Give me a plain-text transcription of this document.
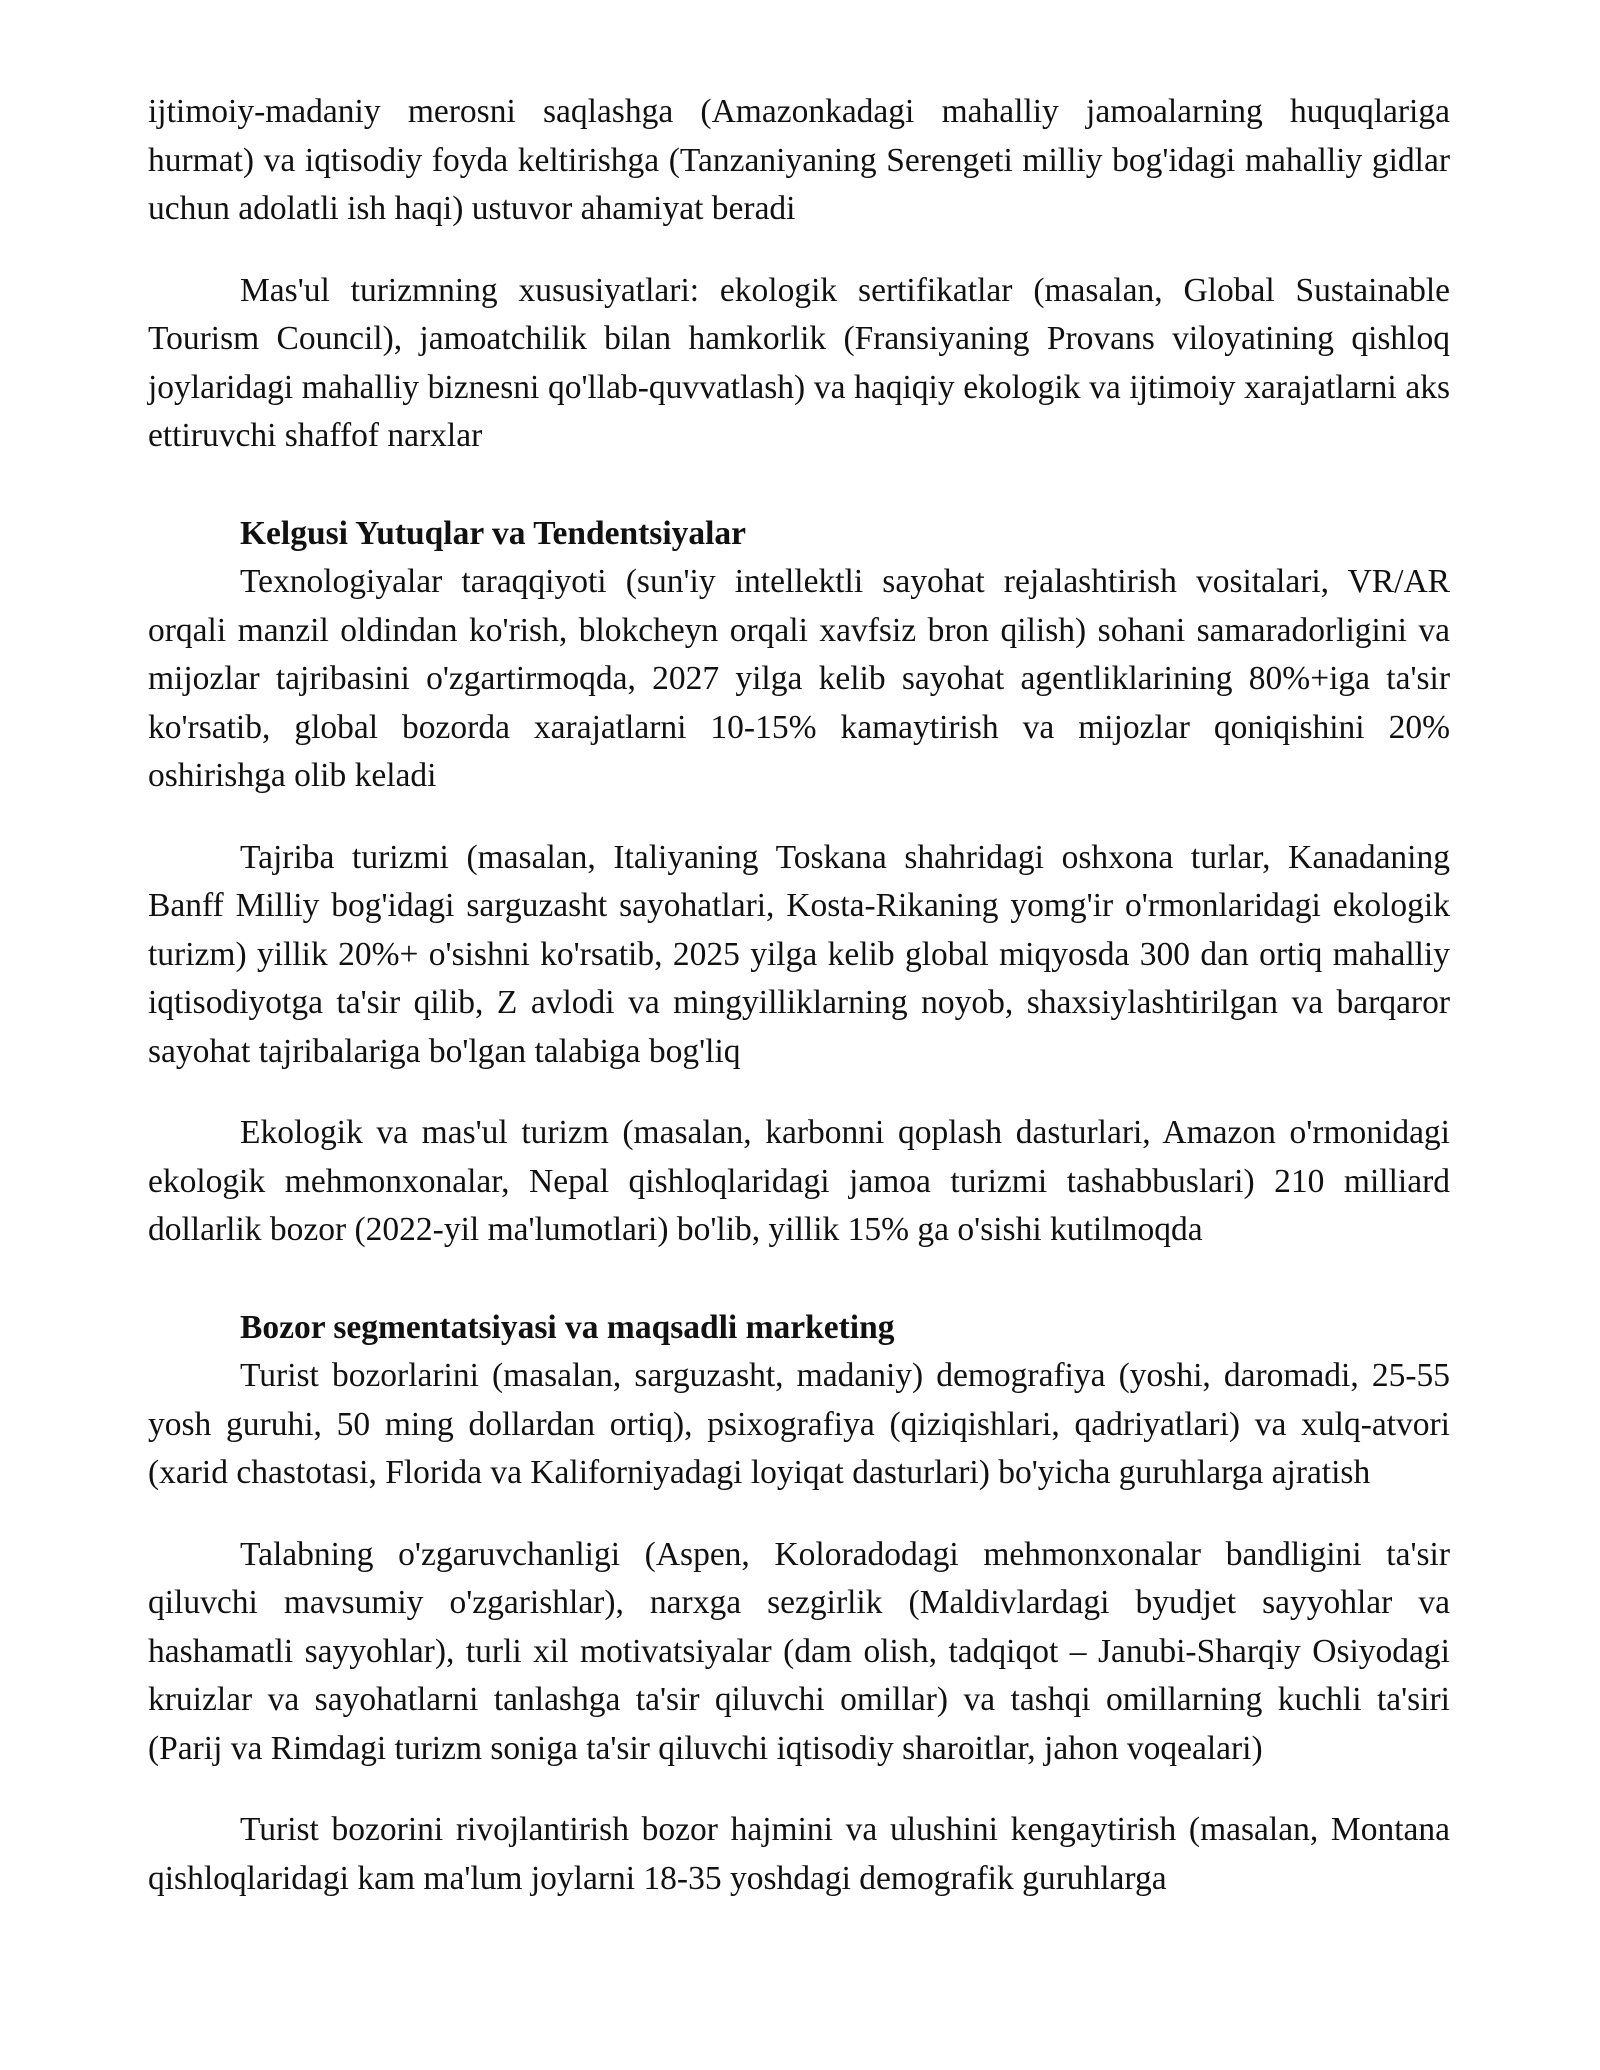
ijtimoiy-madaniy merosni saqlashga (Amazonkadagi mahalliy jamoalarning huquqlariga hurmat) va iqtisodiy foyda keltirishga (Tanzaniyaning Serengeti milliy bog'idagi mahalliy gidlar uchun adolatli ish haqi) ustuvor ahamiyat beradi

Mas'ul turizmning xususiyatlari: ekologik sertifikatlar (masalan, Global Sustainable Tourism Council), jamoatchilik bilan hamkorlik (Fransiyaning Provans viloyatining qishloq joylaridagi mahalliy biznesni qo'llab-quvvatlash) va haqiqiy ekologik va ijtimoiy xarajatlarni aks ettiruvchi shaffof narxlar

Kelgusi Yutuqlar va Tendentsiyalar

Texnologiyalar taraqqiyoti (sun'iy intellektli sayohat rejalashtirish vositalari, VR/AR orqali manzil oldindan ko'rish, blokcheyn orqali xavfsiz bron qilish) sohani samaradorligini va mijozlar tajribasini o'zgartirmoqda, 2027 yilga kelib sayohat agentliklarining 80%+iga ta'sir ko'rsatib, global bozorda xarajatlarni 10-15% kamaytirish va mijozlar qoniqishini 20% oshirishga olib keladi

Tajriba turizmi (masalan, Italiyaning Toskana shahridagi oshxona turlar, Kanadaning Banff Milliy bog'idagi sarguzasht sayohatlari, Kosta-Rikaning yomg'ir o'rmonlaridagi ekologik turizm) yillik 20%+ o'sishni ko'rsatib, 2025 yilga kelib global miqyosda 300 dan ortiq mahalliy iqtisodiyotga ta'sir qilib, Z avlodi va mingyilliklarning noyob, shaxsiylashtirilgan va barqaror sayohat tajribalariga bo'lgan talabiga bog'liq

Ekologik va mas'ul turizm (masalan, karbonni qoplash dasturlari, Amazon o'rmonidagi ekologik mehmonxonalar, Nepal qishloqlaridagi jamoa turizmi tashabbuslari) 210 milliard dollarlik bozor (2022-yil ma'lumotlari) bo'lib, yillik 15% ga o'sishi kutilmoqda

Bozor segmentatsiyasi va maqsadli marketing

Turist bozorlarini (masalan, sarguzasht, madaniy) demografiya (yoshi, daromadi, 25-55 yosh guruhi, 50 ming dollardan ortiq), psixografiya (qiziqishlari, qadriyatlari) va xulq-atvori (xarid chastotasi, Florida va Kaliforniyadagi loyiqat dasturlari) bo'yicha guruhlarga ajratish

Talabning o'zgaruvchanligi (Aspen, Koloradodagi mehmonxonalar bandligini ta'sir qiluvchi mavsumiy o'zgarishlar), narxga sezgirlik (Maldivlardagi byudjet sayyohlar va hashamatli sayyohlar), turli xil motivatsiyalar (dam olish, tadqiqot – Janubi-Sharqiy Osiyodagi kruizlar va sayohatlarni tanlashga ta'sir qiluvchi omillar) va tashqi omillarning kuchli ta'siri (Parij va Rimdagi turizm soniga ta'sir qiluvchi iqtisodiy sharoitlar, jahon voqealari)

Turist bozorini rivojlantirish bozor hajmini va ulushini kengaytirish (masalan, Montana qishloqlaridagi kam ma'lum joylarni 18-35 yoshdagi demografik guruhlarga
